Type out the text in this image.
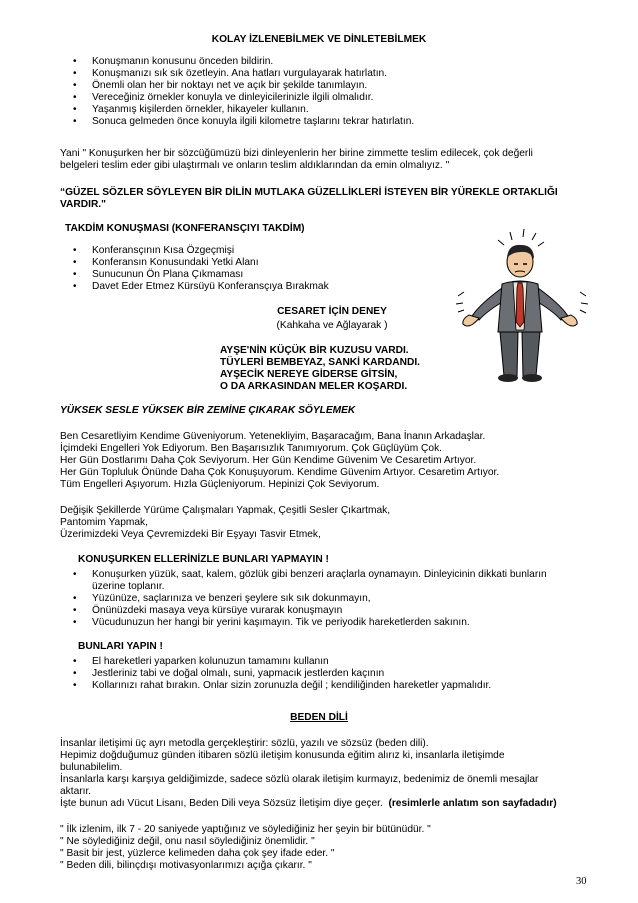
KOLAY İZLENEBİLMEK VE DİNLETEBİLMEK
• Konuşmanın konusunu önceden bildirin.
• Konuşmanızı sık sık özetleyin. Ana hatları vurgulayarak hatırlatın.
• Önemli olan her bir noktayı net ve açık bir şekilde tanımlayın.
• Vereceğiniz örnekler konuyla ve dinleyicilerinizle ilgili olmalıdır.
• Yaşanmış kişilerden örnekler, hikayeler kullanın.
• Sonuca gelmeden önce konuyla ilgili kilometre taşlarını tekrar hatırlatın.
Yani " Konuşurken her bir sözcüğümüzü bizi dinleyenlerin her birine zimmette teslim edilecek, çok değerli
belgeleri teslim eder gibi ulaştırmalı ve onların teslim aldıklarından da emin olmalıyız. "
“GÜZEL SÖZLER SÖYLEYEN BİR DİLİN MUTLAKA GÜZELLİKLERİ İSTEYEN BİR YÜREKLE ORTAKLIĞI
VARDIR."
TAKDİM KONUŞMASI (KONFERANSÇIYI TAKDİM)
• Konferansçının Kısa Özgeçmişi
• Konferansın Konusundaki Yetki Alanı
• Sunucunun Ön Plana Çıkmaması
• Davet Eder Etmez Kürsüyü Konferansçıya Bırakmak
CESARET İÇİN DENEY
(Kahkaha ve Ağlayarak )
AYŞE'NİN KÜÇÜK BİR KUZUSU VARDI.
TÜYLERİ BEMBEYAZ, SANKİ KARDANDI.
AYŞECİK NEREYE GİDERSE GİTSİN,
O DA ARKASINDAN MELER KOŞARDI.
YÜKSEK SESLE YÜKSEK BİR ZEMİNE ÇIKARAK SÖYLEMEK
Ben Cesaretliyim Kendime Güveniyorum. Yetenekliyim, Başaracağım, Bana İnanın Arkadaşlar.
İçimdeki Engelleri Yok Ediyorum. Ben Başarısızlık Tanımıyorum. Çok Güçlüyüm Çok.
Her Gün Dostlarımı Daha Çok Seviyorum. Her Gün Kendime Güvenim Ve Cesaretim Artıyor.
Her Gün Topluluk Önünde Daha Çok Konuşuyorum. Kendime Güvenim Artıyor. Cesaretim Artıyor.
Tüm Engelleri Aşıyorum. Hızla Güçleniyorum. Hepinizi Çok Seviyorum.
Değişik Şekillerde Yürüme Çalışmaları Yapmak, Çeşitli Sesler Çıkartmak,
Pantomim Yapmak,
Üzerimizdeki Veya Çevremizdeki Bir Eşyayı Tasvir Etmek,
KONUŞURKEN ELLERİNİZLE BUNLARI YAPMAYIN !
• Konuşurken yüzük, saat, kalem, gözlük gibi benzeri araçlarla oynamayın. Dinleyicinin dikkati bunların
üzerine toplanır.
• Yüzünüze, saçlarınıza ve benzeri şeylere sık sık dokunmayın,
• Önünüzdeki masaya veya kürsüye vurarak konuşmayın
• Vücudunuzun her hangi bir yerini kaşımayın. Tik ve periyodik hareketlerden sakının.
BUNLARI YAPIN !
• El hareketleri yaparken kolunuzun tamamını kullanın
• Jestleriniz tabi ve doğal olmalı, suni, yapmacık jestlerden kaçının
• Kollarınızı rahat bırakın. Onlar sizin zorunuzla değil ; kendiliğinden hareketler yapmalıdır.
BEDEN DİLİ
İnsanlar iletişimi üç ayrı metodla gerçekleştirir: sözlü, yazılı ve sözsüz (beden dili).
Hepimiz doğduğumuz günden itibaren sözlü iletişim konusunda eğitim alırız ki, insanlarla iletişimde
bulunabilelim.
İnsanlarla karşı karşıya geldiğimizde, sadece sözlü olarak iletişim kurmayız, bedenimiz de önemli mesajlar
aktarır.
İşte bunun adı Vücut Lisanı, Beden Dili veya Sözsüz İletişim diye geçer. (resimlerle anlatım son sayfadadır)
" İlk izlenim, ilk 7 - 20 saniyede yaptığınız ve söylediğiniz her şeyin bir bütünüdür. "
" Ne söylediğiniz değil, onu nasıl söylediğiniz önemlidir. "
" Basit bir jest, yüzlerce kelimeden daha çok şey ifade eder. "
" Beden dili, bilinçdışı motivasyonlarımızı açığa çıkarır. "
30
